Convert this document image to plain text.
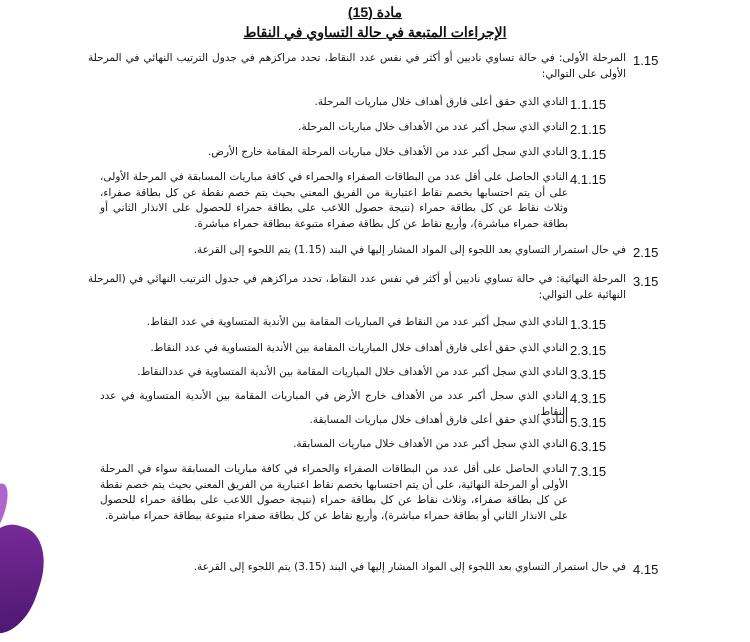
مادة (15)
الإجراءات المتبعة في حالة التساوي في النقاط
1.15
المرحلة الأولى: في حالة تساوي ناديين أو أكثر في نفس عدد النقاط، تحدد مراكزهم في جدول الترتيب النهائي في المرحلة الأولى على التوالي:
1.1.15
النادي الذي حقق أعلى فارق أهداف خلال مباريات المرحلة.
2.1.15
النادي الذي سجل أكبر عدد من الأهداف خلال مباريات المرحلة.
3.1.15
النادي الذي سجل أكبر عدد من الأهداف خلال مباريات المرحلة المقامة خارج الأرض.
4.1.15
النادي الحاصل على أقل عدد من البطاقات الصفراء والحمراء في كافة مباريات المسابقة في المرحلة الأولى، على أن يتم احتسابها بخصم نقاط اعتبارية من الفريق المعني بحيث يتم خصم نقطة عن كل بطاقة صفراء، وثلاث نقاط عن كل بطاقة حمراء (نتيجة حصول اللاعب على بطاقة حمراء للحصول على الانذار الثاني أو بطاقة حمراء مباشرة)، وأربع نقاط عن كل بطاقة صفراء متبوعة ببطاقة حمراء مباشرة.
2.15
في حال استمرار التساوي بعد اللجوء إلى المواد المشار إليها في البند (1.15) يتم اللجوء إلى القرعة.
3.15
المرحلة النهائية: في حالة تساوي ناديين أو أكثر في نفس عدد النقاط، تحدد مراكزهم في جدول الترتيب النهائي في (المرحلة النهائية على التوالي:
1.3.15
النادي الذي سجل أكبر عدد من النقاط في المباريات المقامة بين الأندية المتساوية في عدد النقاط.
2.3.15
النادي الذي حقق أعلى فارق أهداف خلال المباريات المقامة بين الأندية المتساوية في عدد النقاط.
3.3.15
النادي الذي سجل أكبر عدد من الأهداف خلال المباريات المقامة بين الأندية المتساوية في عددالنقاط.
4.3.15
النادي الذي سجل أكبر عدد من الأهداف خارج الأرض في المباريات المقامة بين الأندية المتساوية في عدد النقاط.
5.3.15
النادي الذي حقق أعلى فارق أهداف خلال مباريات المسابقة.
6.3.15
النادي الذي سجل أكبر عدد من الأهداف خلال مباريات المسابقة.
7.3.15
النادي الحاصل على أقل عدد من البطاقات الصفراء والحمراء في كافة مباريات المسابقة سواء في المرحلة الأولى أو المرحلة النهائية، على أن يتم احتسابها بخصم نقاط اعتبارية من الفريق المعني بحيث يتم خصم نقطة عن كل بطاقة صفراء، وثلاث نقاط عن كل بطاقة حمراء (نتيجة حصول اللاعب على بطاقة حمراء للحصول على الانذار الثاني أو بطاقة حمراء مباشرة)، وأربع نقاط عن كل بطاقة صفراء متبوعة ببطاقة حمراء مباشرة.
4.15
في حال استمرار التساوي بعد اللجوء إلى المواد المشار إليها في البند (3.15) يتم اللجوء إلى القرعة.
